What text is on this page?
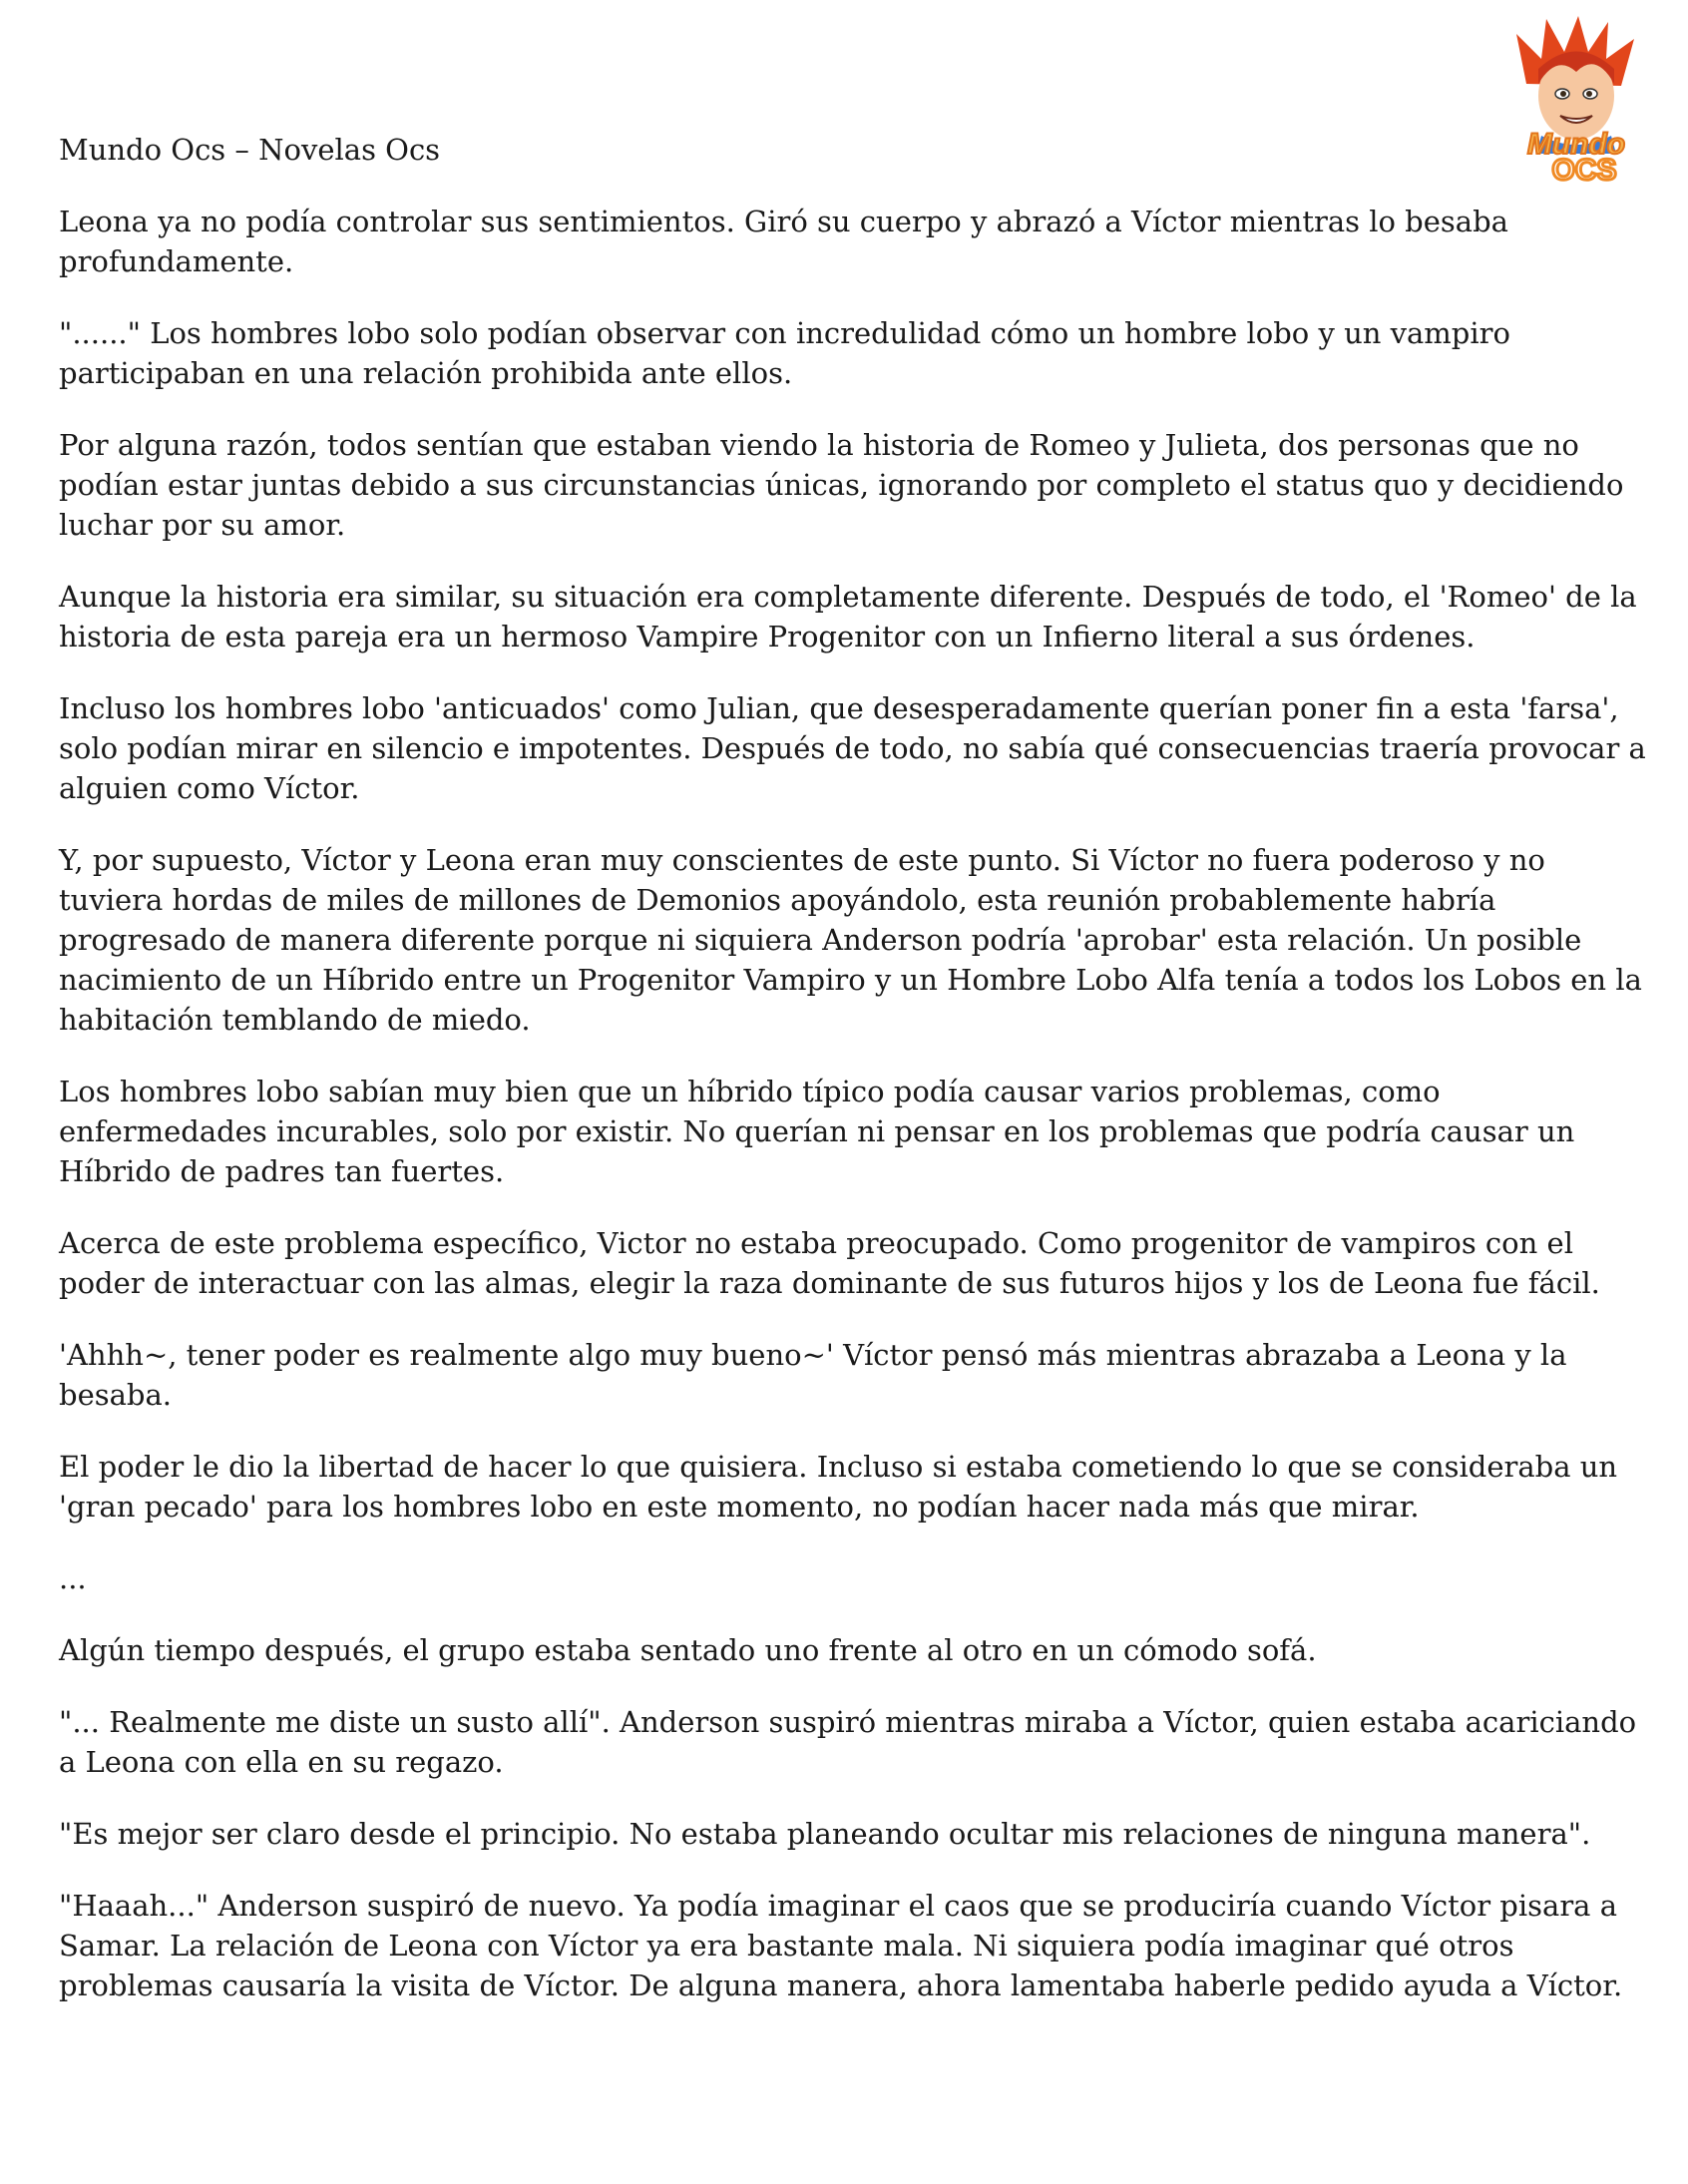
Mundo
OCS
Mundo Ocs – Novelas Ocs

Leona ya no podía controlar sus sentimientos. Giró su cuerpo y abrazó a Víctor mientras lo besaba profundamente.

"......" Los hombres lobo solo podían observar con incredulidad cómo un hombre lobo y un vampiro participaban en una relación prohibida ante ellos.

Por alguna razón, todos sentían que estaban viendo la historia de Romeo y Julieta, dos personas que no podían estar juntas debido a sus circunstancias únicas, ignorando por completo el status quo y decidiendo luchar por su amor.

Aunque la historia era similar, su situación era completamente diferente. Después de todo, el 'Romeo' de la historia de esta pareja era un hermoso Vampire Progenitor con un Infierno literal a sus órdenes.

Incluso los hombres lobo 'anticuados' como Julian, que desesperadamente querían poner fin a esta 'farsa', solo podían mirar en silencio e impotentes. Después de todo, no sabía qué consecuencias traería provocar a alguien como Víctor.

Y, por supuesto, Víctor y Leona eran muy conscientes de este punto. Si Víctor no fuera poderoso y no tuviera hordas de miles de millones de Demonios apoyándolo, esta reunión probablemente habría progresado de manera diferente porque ni siquiera Anderson podría 'aprobar' esta relación. Un posible nacimiento de un Híbrido entre un Progenitor Vampiro y un Hombre Lobo Alfa tenía a todos los Lobos en la habitación temblando de miedo.

Los hombres lobo sabían muy bien que un híbrido típico podía causar varios problemas, como enfermedades incurables, solo por existir. No querían ni pensar en los problemas que podría causar un Híbrido de padres tan fuertes.

Acerca de este problema específico, Victor no estaba preocupado. Como progenitor de vampiros con el poder de interactuar con las almas, elegir la raza dominante de sus futuros hijos y los de Leona fue fácil.

'Ahhh~, tener poder es realmente algo muy bueno~' Víctor pensó más mientras abrazaba a Leona y la besaba.

El poder le dio la libertad de hacer lo que quisiera. Incluso si estaba cometiendo lo que se consideraba un 'gran pecado' para los hombres lobo en este momento, no podían hacer nada más que mirar.

...

Algún tiempo después, el grupo estaba sentado uno frente al otro en un cómodo sofá.

"... Realmente me diste un susto allí". Anderson suspiró mientras miraba a Víctor, quien estaba acariciando a Leona con ella en su regazo.

"Es mejor ser claro desde el principio. No estaba planeando ocultar mis relaciones de ninguna manera".

"Haaah..." Anderson suspiró de nuevo. Ya podía imaginar el caos que se produciría cuando Víctor pisara a Samar. La relación de Leona con Víctor ya era bastante mala. Ni siquiera podía imaginar qué otros problemas causaría la visita de Víctor. De alguna manera, ahora lamentaba haberle pedido ayuda a Víctor.
